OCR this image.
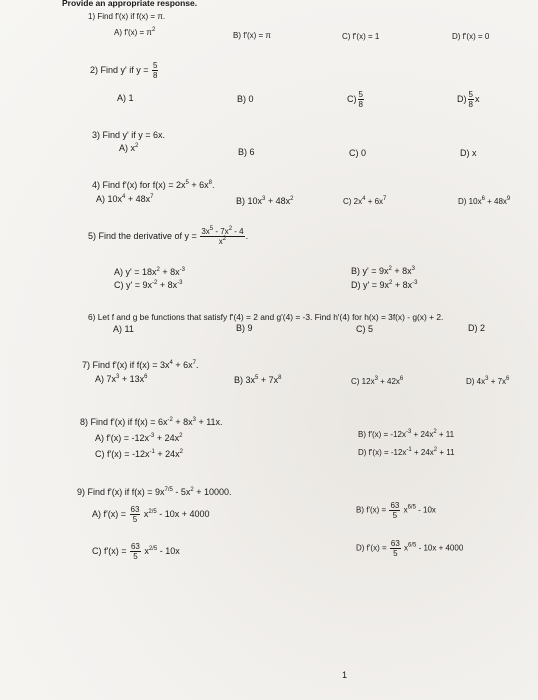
Provide an appropriate response.
1) Find f'(x) if f(x) = π.
A) $f'(x) = \pi^2$
B) f'(x) = π	C) f'(x) = 1	D) f'(x) = 0
2) Find y' if $y = \frac{5}{8}$
A) 1	B) 0	$C) \frac{5}{8}$	$D) \frac{5}{8}$ x
3) Find y' if y = 6x.
A) $x^2$
B) 6	C) 0	D) x
4) Find f'(x) for $f(x) = 2x^5 + 6x^8$.
A) $10x^4 + 48x^7$	B) $10x^3 + 48x^2$	C) $2x^4 + 6x^7$	D) $10x^6 + 48x^9$
5) Find the derivative of $y = \frac{3x^5 - 7x^2 - 4}{x^2}$ .
A) $y' = 18x^2 + 8x^{-3}$	B) $y' = 9x^2 + 8x^3$
C) $y' = 9x^{-2} + 8x^{-3}$	D) $y' = 9x^2 + 8x^{-3}$
6) Let f and g be functions that satisfy f'(4) = 2 and g'(4) = -3. Find h'(4) for h(x) = 3f(x) - g(x) + 2.
A) 11	B) 9	C) 5	D) 2
7) Find f'(x) if $f(x) = 3x^4 + 6x^7$.
A) $7x^3 + 13x^6$	B) $3x^5 + 7x^8$	C) $12x^3 + 42x^6$	D) $4x^3 + 7x^6$
8) Find f'(x) if $f(x) = 6x^{-2} + 8x^3 + 11x$.
A) $f'(x) = -12x^{-3} + 24x^2$	B) $f'(x) = -12x^{-3} + 24x^2 + 11$
C) $f'(x) = -12x^{-1} + 24x^2$	D) $f'(x) = -12x^{-1} + 24x^2 + 11$
9) Find f'(x) if $f(x) = 9x^{7/5} - 5x^2 + 10000$.
A) $f'(x) = \frac{63}{5} x^{2/5} - 10x + 4000$	B) $f'(x) = \frac{63}{5} x^{6/5} - 10x$
C) $f'(x) = \frac{63}{5} x^{2/5} - 10x$	D) $f'(x) = \frac{63}{5} x^{6/5} - 10x + 4000$
1
